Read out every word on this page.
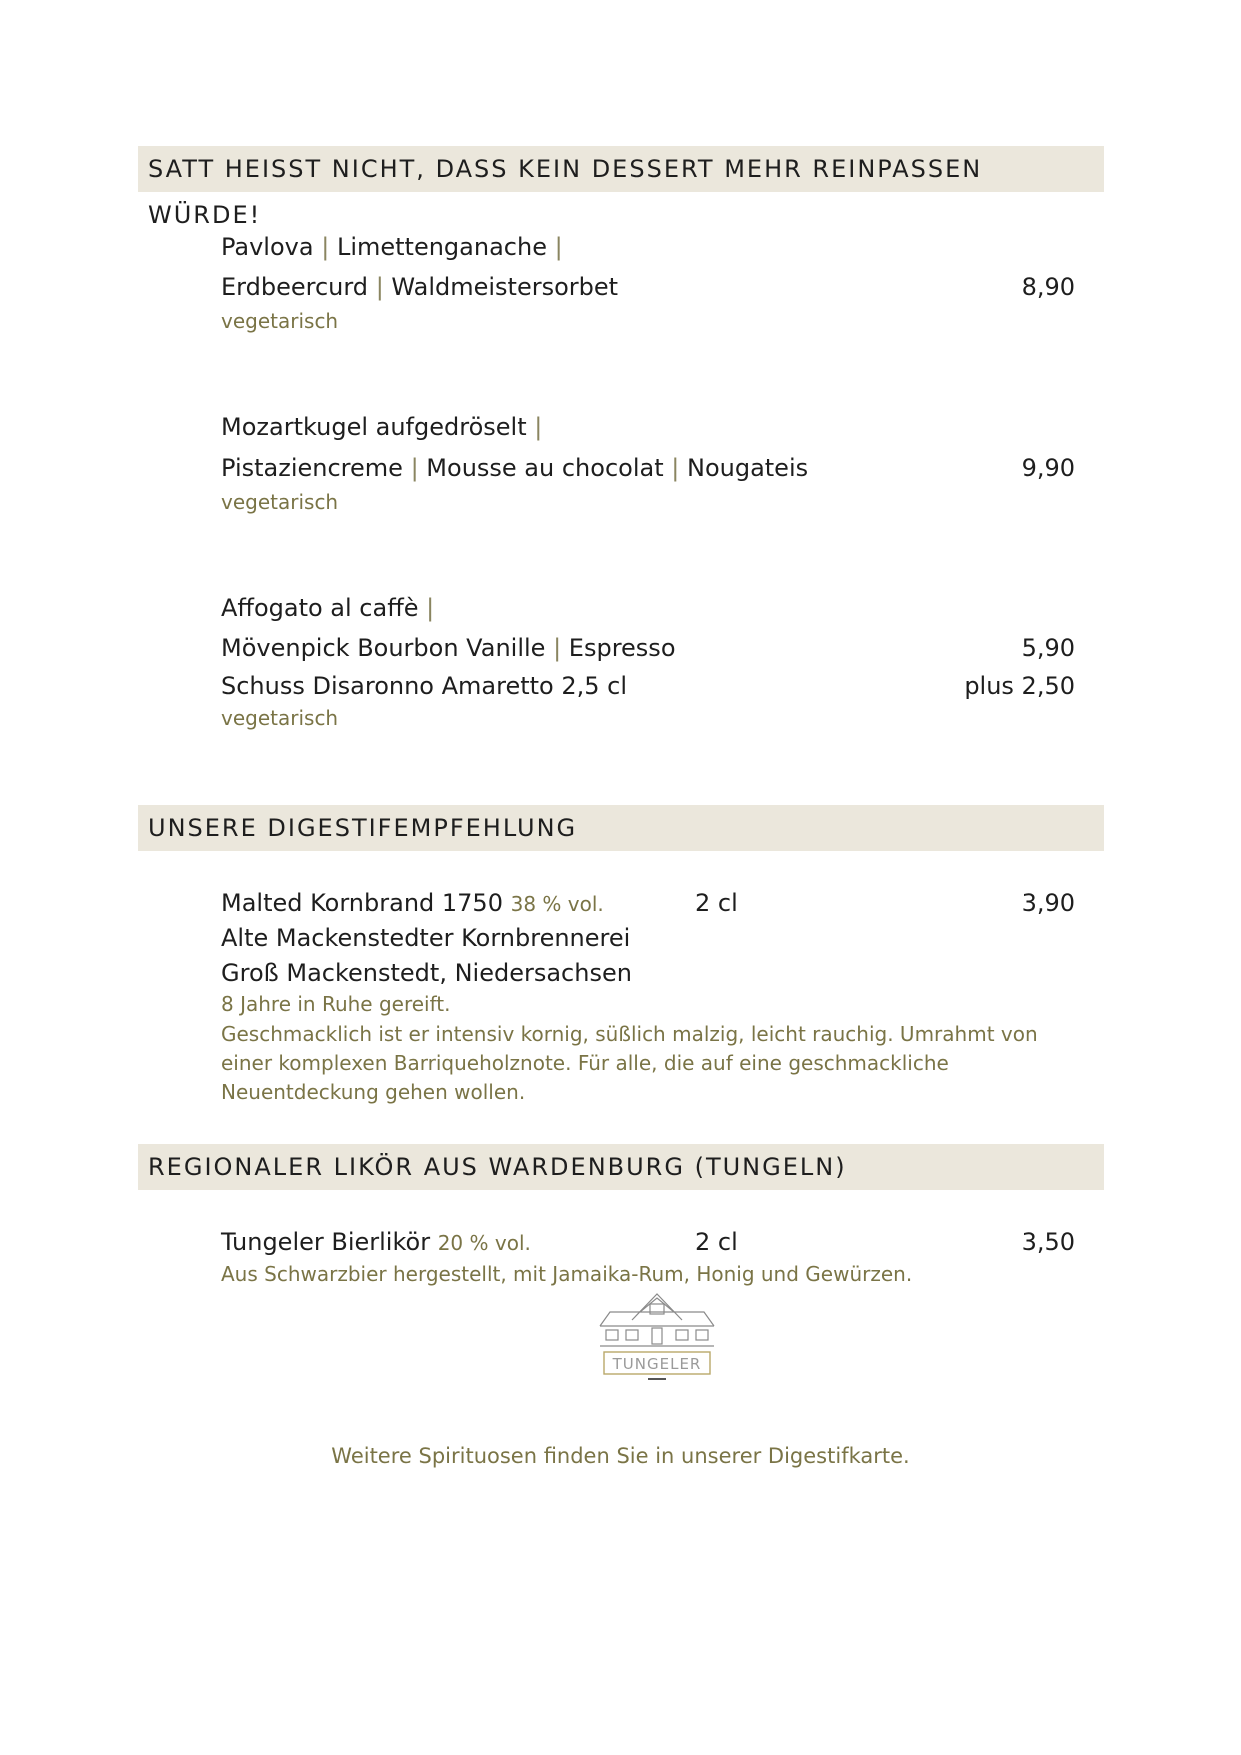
SATT HEISST NICHT, DASS KEIN DESSERT MEHR REINPASSEN WÜRDE!
Pavlova | Limettenganache |
Erdbeercurd | Waldmeistersorbet	8,90
vegetarisch
Mozartkugel aufgedröselt |
Pistaziencreme | Mousse au chocolat | Nougateis	9,90
vegetarisch
Affogato al caffè |
Mövenpick Bourbon Vanille | Espresso	5,90
Schuss Disaronno Amaretto 2,5 cl	plus 2,50
vegetarisch
UNSERE DIGESTIFEMPFEHLUNG
Malted Kornbrand 1750 38 % vol.	2 cl	3,90
Alte Mackenstedter Kornbrennerei
Groß Mackenstedt, Niedersachsen
8 Jahre in Ruhe gereift.
Geschmacklich ist er intensiv kornig, süßlich malzig, leicht rauchig. Umrahmt von
einer komplexen Barriqueholznote. Für alle, die auf eine geschmackliche
Neuentdeckung gehen wollen.
REGIONALER LIKÖR AUS WARDENBURG (TUNGELN)
Tungeler Bierlikör 20 % vol.	2 cl	3,50
Aus Schwarzbier hergestellt, mit Jamaika-Rum, Honig und Gewürzen.
TUNGELER
Weitere Spirituosen finden Sie in unserer Digestifkarte.
